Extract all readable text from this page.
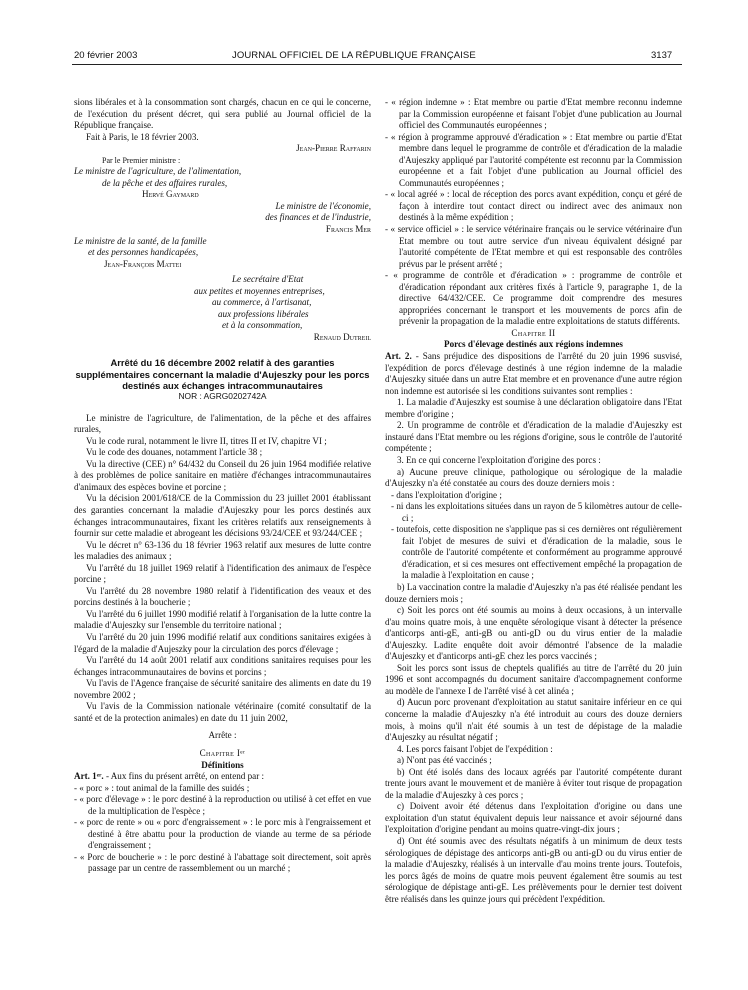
20 février 2003	JOURNAL OFFICIEL DE LA RÉPUBLIQUE FRANÇAISE	3137

sions libérales et à la consommation sont chargés, chacun en ce qui le concerne, de l'exécution du présent décret, qui sera publié au Journal officiel de la République française.

Fait à Paris, le 18 février 2003.

Jean-Pierre Raffarin

Par le Premier ministre :

Le ministre de l'agriculture, de l'alimentation,

de la pêche et des affaires rurales,

Hervé Gaymard

Le ministre de l'économie,

des finances et de l'industrie,

Francis Mer

Le ministre de la santé, de la famille

et des personnes handicapées,

Jean-François Mattei

Le secrétaire d'Etat

aux petites et moyennes entreprises,

au commerce, à l'artisanat,

aux professions libérales

et à la consommation,

Renaud Dutreil

Arrêté du 16 décembre 2002 relatif à des garanties supplémentaires concernant la maladie d'Aujeszky pour les porcs destinés aux échanges intracommunautaires

NOR : AGRG0202742A

Le ministre de l'agriculture, de l'alimentation, de la pêche et des affaires rurales,

Vu le code rural, notamment le livre II, titres II et IV, chapitre VI ;

Vu le code des douanes, notamment l'article 38 ;

Vu la directive (CEE) n° 64/432 du Conseil du 26 juin 1964 modifiée relative à des problèmes de police sanitaire en matière d'échanges intracommunautaires d'animaux des espèces bovine et porcine ;

Vu la décision 2001/618/CE de la Commission du 23 juillet 2001 établissant des garanties concernant la maladie d'Aujeszky pour les porcs destinés aux échanges intracommunautaires, fixant les critères relatifs aux renseignements à fournir sur cette maladie et abrogeant les décisions 93/24/CEE et 93/244/CEE ;

Vu le décret n° 63-136 du 18 février 1963 relatif aux mesures de lutte contre les maladies des animaux ;

Vu l'arrêté du 18 juillet 1969 relatif à l'identification des animaux de l'espèce porcine ;

Vu l'arrêté du 28 novembre 1980 relatif à l'identification des veaux et des porcins destinés à la boucherie ;

Vu l'arrêté du 6 juillet 1990 modifié relatif à l'organisation de la lutte contre la maladie d'Aujeszky sur l'ensemble du territoire national ;

Vu l'arrêté du 20 juin 1996 modifié relatif aux conditions sanitaires exigées à l'égard de la maladie d'Aujeszky pour la circulation des porcs d'élevage ;

Vu l'arrêté du 14 août 2001 relatif aux conditions sanitaires requises pour les échanges intracommunautaires de bovins et porcins ;

Vu l'avis de l'Agence française de sécurité sanitaire des aliments en date du 19 novembre 2002 ;

Vu l'avis de la Commission nationale vétérinaire (comité consultatif de la santé et de la protection animales) en date du 11 juin 2002,

Arrête :

Chapitre Iᵉʳ

Définitions

Art. 1ᵉʳ. - Aux fins du présent arrêté, on entend par :

- « porc » : tout animal de la famille des suidés ;

- « porc d'élevage » : le porc destiné à la reproduction ou utilisé à cet effet en vue de la multiplication de l'espèce ;

- « porc de rente » ou « porc d'engraissement » : le porc mis à l'engraissement et destiné à être abattu pour la production de viande au terme de sa période d'engraissement ;

- « Porc de boucherie » : le porc destiné à l'abattage soit directement, soit après passage par un centre de rassemblement ou un marché ;

- « région indemne » : Etat membre ou partie d'Etat membre reconnu indemne par la Commission européenne et faisant l'objet d'une publication au Journal officiel des Communautés européennes ;

- « région à programme approuvé d'éradication » : Etat membre ou partie d'Etat membre dans lequel le programme de contrôle et d'éradication de la maladie d'Aujeszky appliqué par l'autorité compétente est reconnu par la Commission européenne et a fait l'objet d'une publication au Journal officiel des Communautés européennes ;

- « local agréé » : local de réception des porcs avant expédition, conçu et géré de façon à interdire tout contact direct ou indirect avec des animaux non destinés à la même expédition ;

- « service officiel » : le service vétérinaire français ou le service vétérinaire d'un Etat membre ou tout autre service d'un niveau équivalent désigné par l'autorité compétente de l'Etat membre et qui est responsable des contrôles prévus par le présent arrêté ;

- « programme de contrôle et d'éradication » : programme de contrôle et d'éradication répondant aux critères fixés à l'article 9, paragraphe 1, de la directive 64/432/CEE. Ce programme doit comprendre des mesures appropriées concernant le transport et les mouvements de porcs afin de prévenir la propagation de la maladie entre exploitations de statuts différents.

Chapitre II

Porcs d'élevage destinés aux régions indemnes

Art. 2. - Sans préjudice des dispositions de l'arrêté du 20 juin 1996 susvisé, l'expédition de porcs d'élevage destinés à une région indemne de la maladie d'Aujeszky située dans un autre Etat membre et en provenance d'une autre région non indemne est autorisée si les conditions suivantes sont remplies :

1. La maladie d'Aujeszky est soumise à une déclaration obligatoire dans l'Etat membre d'origine ;

2. Un programme de contrôle et d'éradication de la maladie d'Aujeszky est instauré dans l'Etat membre ou les régions d'origine, sous le contrôle de l'autorité compétente ;

3. En ce qui concerne l'exploitation d'origine des porcs :

a) Aucune preuve clinique, pathologique ou sérologique de la maladie d'Aujeszky n'a été constatée au cours des douze derniers mois :

- dans l'exploitation d'origine ;

- ni dans les exploitations situées dans un rayon de 5 kilomètres autour de celle-ci ;

- toutefois, cette disposition ne s'applique pas si ces dernières ont régulièrement fait l'objet de mesures de suivi et d'éradication de la maladie, sous le contrôle de l'autorité compétente et conformément au programme approuvé d'éradication, et si ces mesures ont effectivement empêché la propagation de la maladie à l'exploitation en cause ;

b) La vaccination contre la maladie d'Aujeszky n'a pas été réalisée pendant les douze derniers mois ;

c) Soit les porcs ont été soumis au moins à deux occasions, à un intervalle d'au moins quatre mois, à une enquête sérologique visant à détecter la présence d'anticorps anti-gE, anti-gB ou anti-gD ou du virus entier de la maladie d'Aujeszky. Ladite enquête doit avoir démontré l'absence de la maladie d'Aujeszky et d'anticorps anti-gE chez les porcs vaccinés ;

Soit les porcs sont issus de cheptels qualifiés au titre de l'arrêté du 20 juin 1996 et sont accompagnés du document sanitaire d'accompagnement conforme au modèle de l'annexe I de l'arrêté visé à cet alinéa ;

d) Aucun porc provenant d'exploitation au statut sanitaire inférieur en ce qui concerne la maladie d'Aujeszky n'a été introduit au cours des douze derniers mois, à moins qu'il n'ait été soumis à un test de dépistage de la maladie d'Aujeszky au résultat négatif ;

4. Les porcs faisant l'objet de l'expédition :

a) N'ont pas été vaccinés ;

b) Ont été isolés dans des locaux agréés par l'autorité compétente durant trente jours avant le mouvement et de manière à éviter tout risque de propagation de la maladie d'Aujeszky à ces porcs ;

c) Doivent avoir été détenus dans l'exploitation d'origine ou dans une exploitation d'un statut équivalent depuis leur naissance et avoir séjourné dans l'exploitation d'origine pendant au moins quatre-vingt-dix jours ;

d) Ont été soumis avec des résultats négatifs à un minimum de deux tests sérologiques de dépistage des anticorps anti-gB ou anti-gD ou du virus entier de la maladie d'Aujeszky, réalisés à un intervalle d'au moins trente jours. Toutefois, les porcs âgés de moins de quatre mois peuvent également être soumis au test sérologique de dépistage anti-gE. Les prélèvements pour le dernier test doivent être réalisés dans les quinze jours qui précèdent l'expédition.
